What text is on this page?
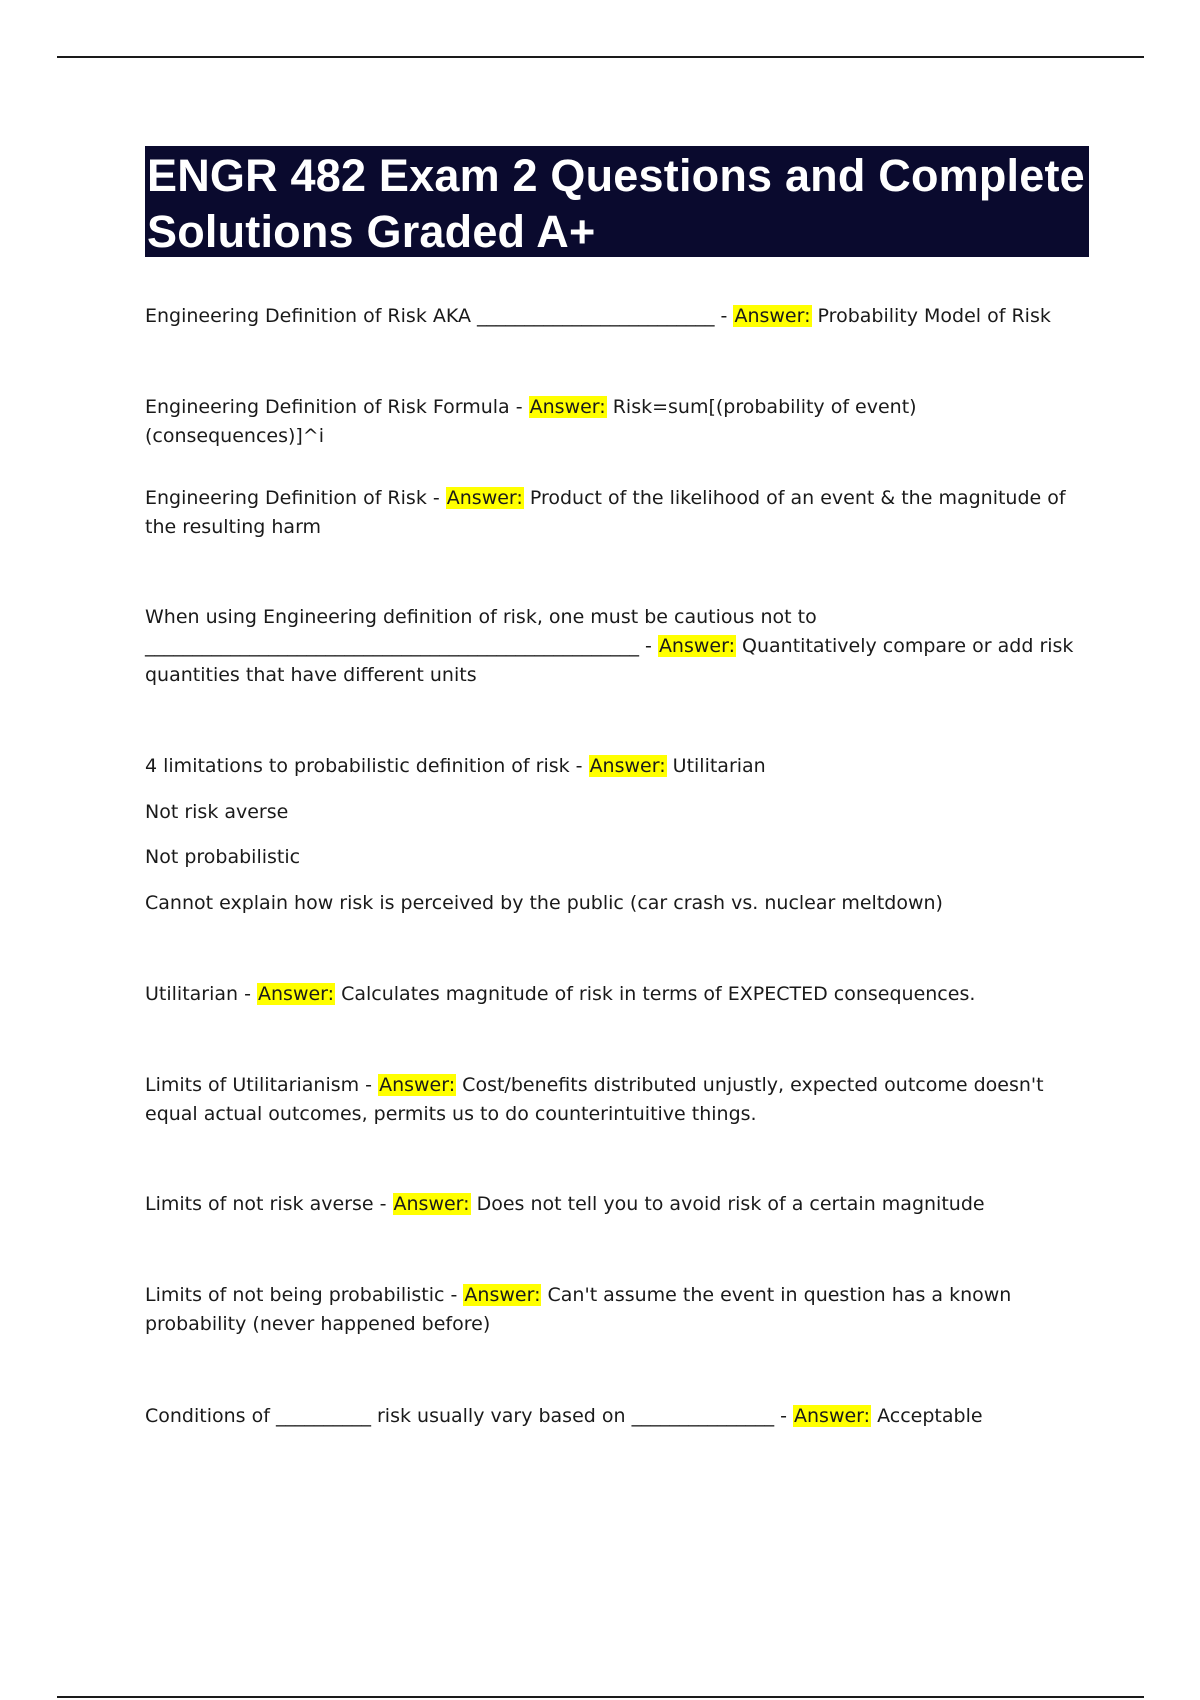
ENGR 482 Exam 2 Questions and Complete Solutions Graded A+

Engineering Definition of Risk AKA _________________________ - Answer: Probability Model of Risk

Engineering Definition of Risk Formula - Answer: Risk=sum[(probability of event)(consequences)]^i

Engineering Definition of Risk - Answer: Product of the likelihood of an event & the magnitude of the resulting harm

When using Engineering definition of risk, one must be cautious not to ____________________________________________________ - Answer: Quantitatively compare or add risk quantities that have different units

4 limitations to probabilistic definition of risk - Answer: Utilitarian

Not risk averse

Not probabilistic

Cannot explain how risk is perceived by the public (car crash vs. nuclear meltdown)

Utilitarian - Answer: Calculates magnitude of risk in terms of EXPECTED consequences.

Limits of Utilitarianism - Answer: Cost/benefits distributed unjustly, expected outcome doesn't equal actual outcomes, permits us to do counterintuitive things.

Limits of not risk averse - Answer: Does not tell you to avoid risk of a certain magnitude

Limits of not being probabilistic - Answer: Can't assume the event in question has a known probability (never happened before)

Conditions of __________ risk usually vary based on _______________ - Answer: Acceptable
